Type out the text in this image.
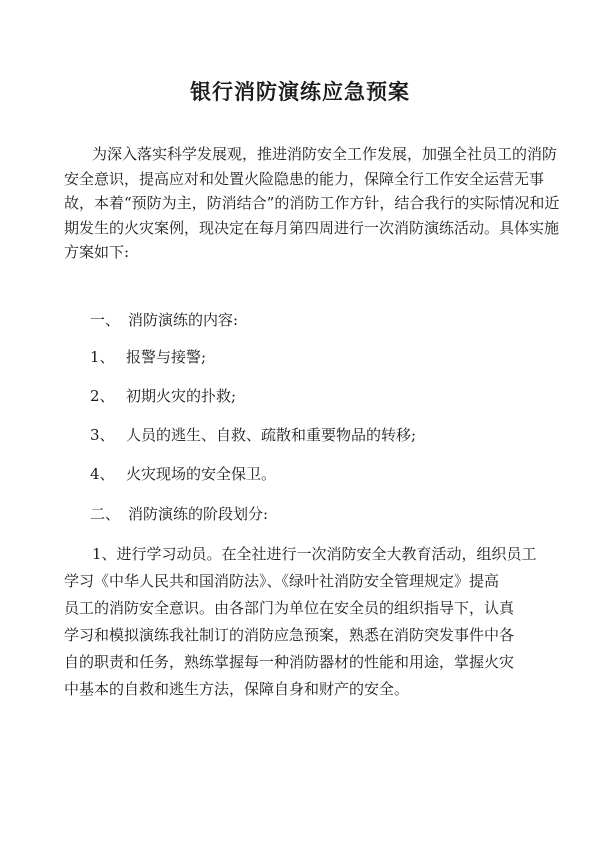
银行消防演练应急预案
为深入落实科学发展观，推进消防安全工作发展，加强全社员工的消防
安全意识，提高应对和处置火险隐患的能力，保障全行工作安全运营无事
故，本着“预防为主，防消结合”的消防工作方针，结合我行的实际情况和近
期发生的火灾案例，现决定在每月第四周进行一次消防演练活动。具体实施
方案如下:
一、 消防演练的内容:
1、 报警与接警;
2、 初期火灾的扑救;
3、 人员的逃生、自救、疏散和重要物品的转移;
4、 火灾现场的安全保卫。
二、 消防演练的阶段划分:
1、进行学习动员。在全社进行一次消防安全大教育活动，组织员工
学习《中华人民共和国消防法》、《绿叶社消防安全管理规定》提高
员工的消防安全意识。由各部门为单位在安全员的组织指导下，认真
学习和模拟演练我社制订的消防应急预案，熟悉在消防突发事件中各
自的职责和任务，熟练掌握每一种消防器材的性能和用途，掌握火灾
中基本的自救和逃生方法，保障自身和财产的安全。
